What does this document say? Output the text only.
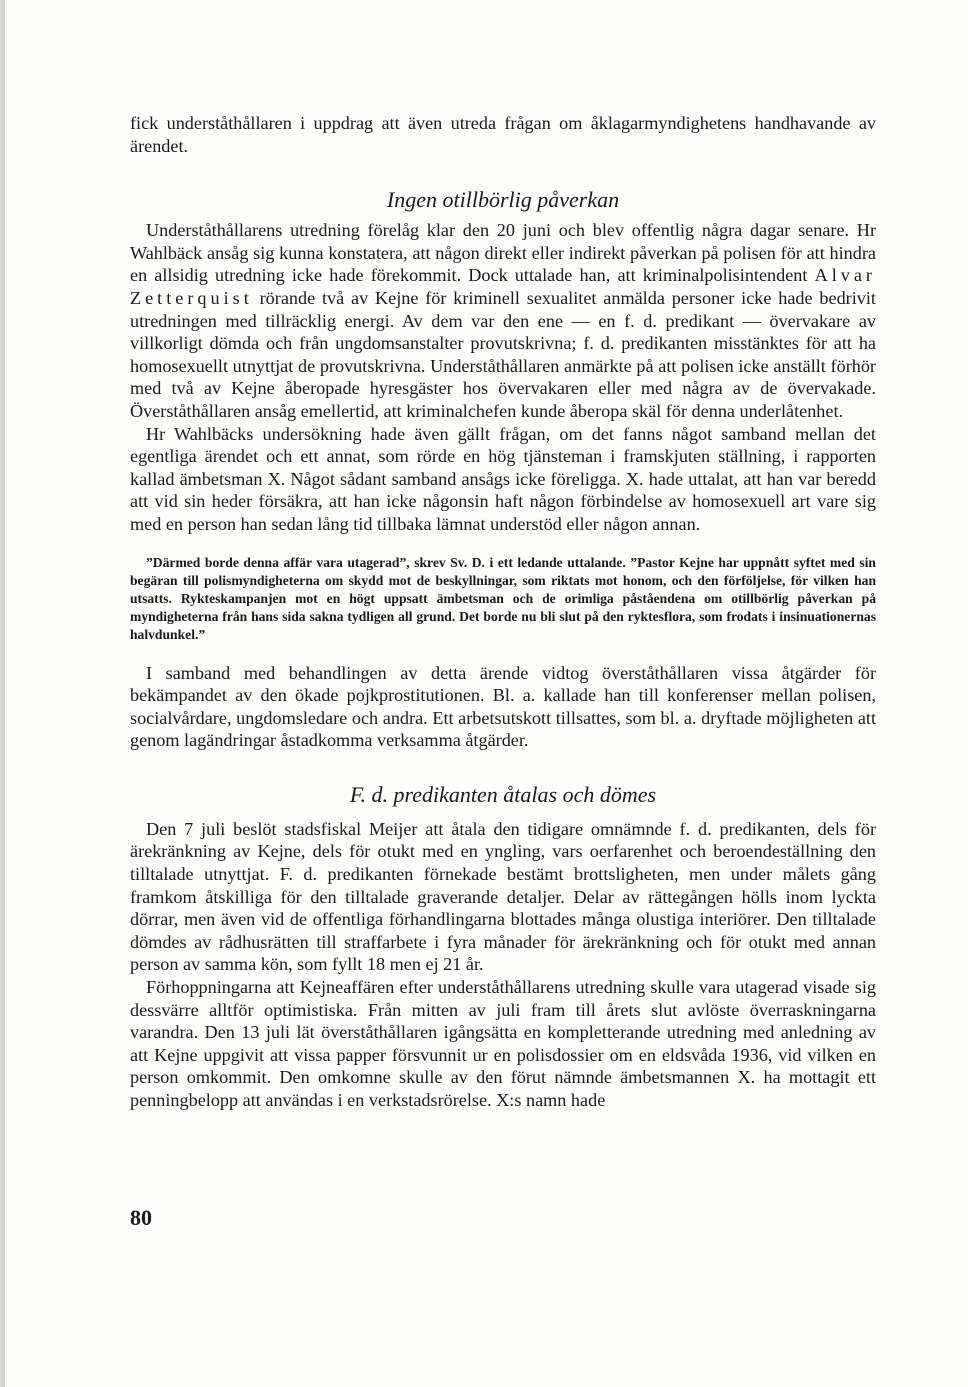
fick underståthållaren i uppdrag att även utreda frågan om åklagarmyndighetens handhavande av ärendet.

Ingen otillbörlig påverkan

Underståthållarens utredning förelåg klar den 20 juni och blev offentlig några dagar senare. Hr Wahlbäck ansåg sig kunna konstatera, att någon direkt eller indirekt påverkan på polisen för att hindra en allsidig utredning icke hade förekommit. Dock uttalade han, att kriminalpolisintendent Alvar Zetterquist rörande två av Kejne för kriminell sexualitet anmälda personer icke hade bedrivit utredningen med tillräcklig energi. Av dem var den ene — en f. d. predikant — övervakare av villkorligt dömda och från ungdomsanstalter provutskrivna; f. d. predikanten misstänktes för att ha homosexuellt utnyttjat de provutskrivna. Underståthållaren anmärkte på att polisen icke anställt förhör med två av Kejne åberopade hyresgäster hos övervakaren eller med några av de övervakade. Överståthållaren ansåg emellertid, att kriminalchefen kunde åberopa skäl för denna underlåtenhet.

Hr Wahlbäcks undersökning hade även gällt frågan, om det fanns något samband mellan det egentliga ärendet och ett annat, som rörde en hög tjänsteman i framskjuten ställning, i rapporten kallad ämbetsman X. Något sådant samband ansågs icke föreligga. X. hade uttalat, att han var beredd att vid sin heder försäkra, att han icke någonsin haft någon förbindelse av homosexuell art vare sig med en person han sedan lång tid tillbaka lämnat understöd eller någon annan.

”Därmed borde denna affär vara utagerad”, skrev Sv. D. i ett ledande uttalande. ”Pastor Kejne har uppnått syftet med sin begäran till polismyndigheterna om skydd mot de beskyllningar, som riktats mot honom, och den förföljelse, för vilken han utsatts. Rykteskampanjen mot en högt uppsatt ämbetsman och de orimliga påståendena om otillbörlig påverkan på myndigheterna från hans sida sakna tydligen all grund. Det borde nu bli slut på den ryktesflora, som frodats i insinuationernas halvdunkel.”

I samband med behandlingen av detta ärende vidtog överståthållaren vissa åtgärder för bekämpandet av den ökade pojkprostitutionen. Bl. a. kallade han till konferenser mellan polisen, socialvårdare, ungdomsledare och andra. Ett arbetsutskott tillsattes, som bl. a. dryftade möjligheten att genom lagändringar åstadkomma verksamma åtgärder.

F. d. predikanten åtalas och dömes

Den 7 juli beslöt stadsfiskal Meijer att åtala den tidigare omnämnde f. d. predikanten, dels för ärekränkning av Kejne, dels för otukt med en yngling, vars oerfarenhet och beroendeställning den tilltalade utnyttjat. F. d. predikanten förnekade bestämt brottsligheten, men under målets gång framkom åtskilliga för den tilltalade graverande detaljer. Delar av rättegången hölls inom lyckta dörrar, men även vid de offentliga förhandlingarna blottades många olustiga interiörer. Den tilltalade dömdes av rådhusrätten till straffarbete i fyra månader för ärekränkning och för otukt med annan person av samma kön, som fyllt 18 men ej 21 år.

Förhoppningarna att Kejneaffären efter underståthållarens utredning skulle vara utagerad visade sig dessvärre alltför optimistiska. Från mitten av juli fram till årets slut avlöste överraskningarna varandra. Den 13 juli lät överståthållaren igångsätta en kompletterande utredning med anledning av att Kejne uppgivit att vissa papper försvunnit ur en polisdossier om en eldsvåda 1936, vid vilken en person omkommit. Den omkomne skulle av den förut nämnde ämbetsmannen X. ha mottagit ett penningbelopp att användas i en verkstadsrörelse. X:s namn hade

80
